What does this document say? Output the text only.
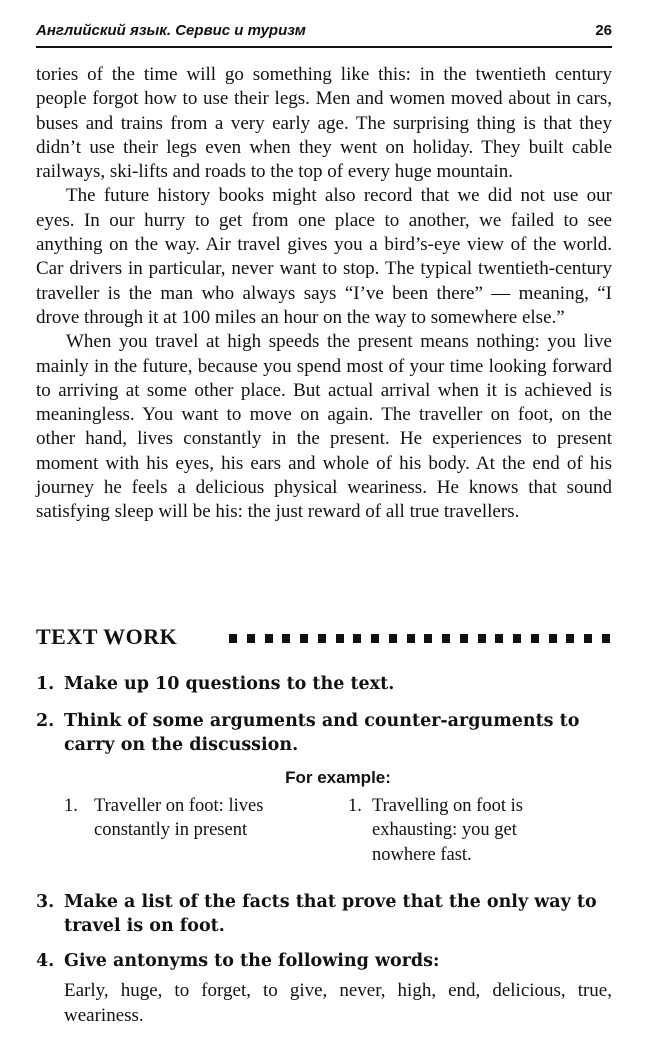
Английский язык. Сервис и туризм	26

tories of the time will go something like this: in the twentieth century people forgot how to use their legs. Men and women moved about in cars, buses and trains from a very early age. The surprising thing is that they didn’t use their legs even when they went on holiday. They built cable railways, ski-lifts and roads to the top of every huge mountain.

The future history books might also record that we did not use our eyes. In our hurry to get from one place to another, we failed to see anything on the way. Air travel gives you a bird’s-eye view of the world. Car drivers in particular, never want to stop. The typical twentieth-century traveller is the man who always says “I’ve been there” — meaning, “I drove through it at 100 miles an hour on the way to somewhere else.”

When you travel at high speeds the present means nothing: you live mainly in the future, because you spend most of your time looking forward to arriving at some other place. But actual arrival when it is achieved is meaningless. You want to move on again. The traveller on foot, on the other hand, lives constantly in the present. He experiences to present moment with his eyes, his ears and whole of his body. At the end of his journey he feels a delicious physical weariness. He knows that sound satisfying sleep will be his: the just reward of all true travellers.

TEXT WORK
1. Make up 10 questions to the text.
2. Think of some arguments and counter-arguments to carry on the discussion.
For example:
1. Traveller on foot: lives constantly in present
1. Travelling on foot is exhausting: you get nowhere fast.
3. Make a list of the facts that prove that the only way to travel is on foot.
4. Give antonyms to the following words:
Early, huge, to forget, to give, never, high, end, delicious, true, weariness.
